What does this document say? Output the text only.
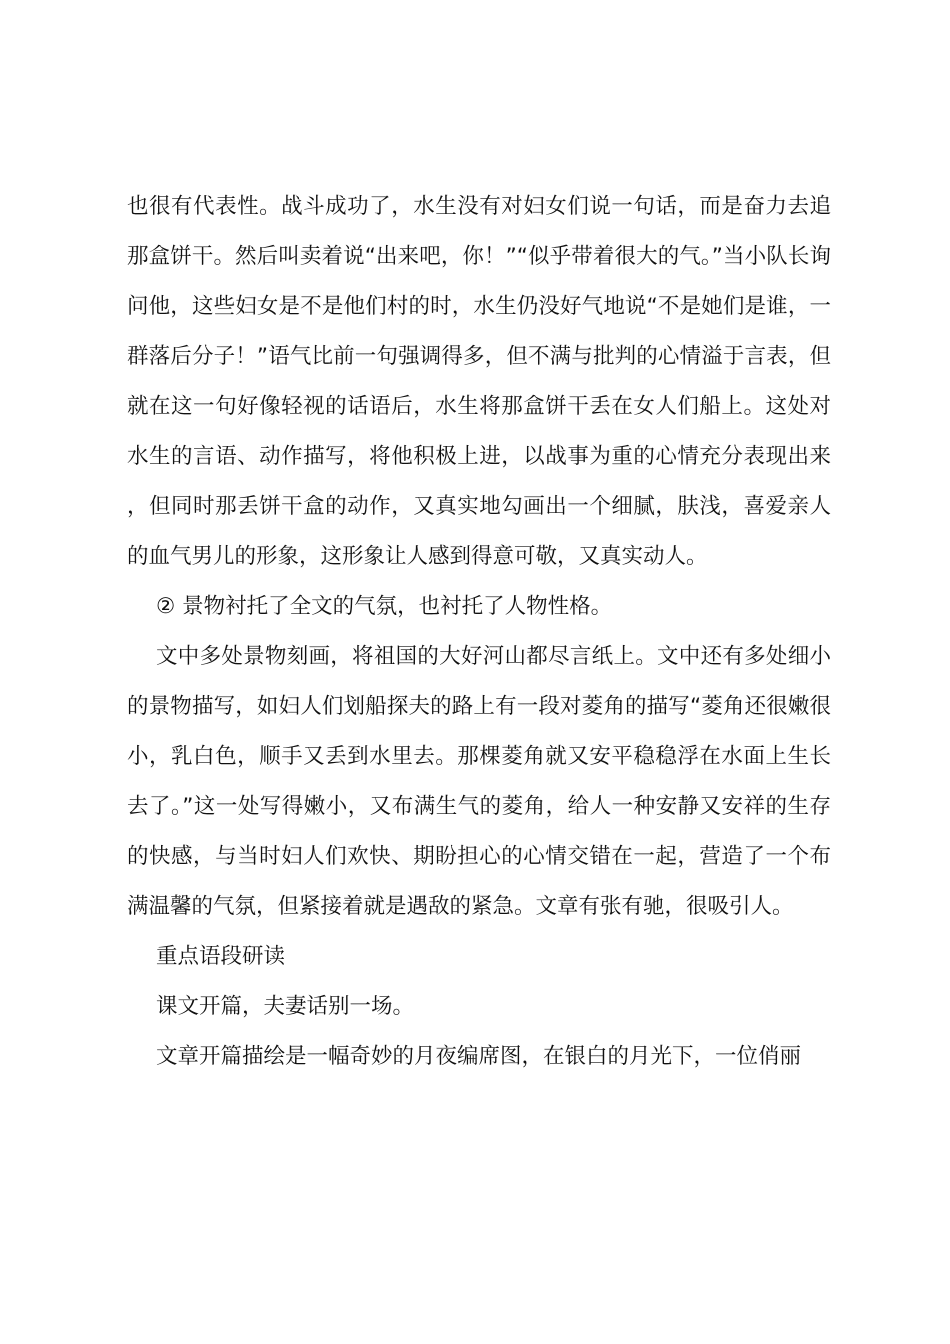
也很有代表性。战斗成功了，水生没有对妇女们说一句话，而是奋力去追那盒饼干。然后叫卖着说“出来吧，你！”“似乎带着很大的气。”当小队长询问他，这些妇女是不是他们村的时，水生仍没好气地说“不是她们是谁，一群落后分子！”语气比前一句强调得多，但不满与批判的心情溢于言表，但就在这一句好像轻视的话语后，水生将那盒饼干丢在女人们船上。这处对水生的言语、动作描写，将他积极上进，以战事为重的心情充分表现出来，但同时那丢饼干盒的动作，又真实地勾画出一个细腻，肤浅，喜爱亲人的血气男儿的形象，这形象让人感到得意可敬，又真实动人。

② 景物衬托了全文的气氛，也衬托了人物性格。

文中多处景物刻画，将祖国的大好河山都尽言纸上。文中还有多处细小的景物描写，如妇人们划船探夫的路上有一段对菱角的描写“菱角还很嫩很小，乳白色，顺手又丢到水里去。那棵菱角就又安平稳稳浮在水面上生长去了。”这一处写得嫩小，又布满生气的菱角，给人一种安静又安祥的生存的快感，与当时妇人们欢快、期盼担心的心情交错在一起，营造了一个布满温馨的气氛，但紧接着就是遇敌的紧急。文章有张有驰，很吸引人。

重点语段研读

课文开篇，夫妻话别一场。

文章开篇描绘是一幅奇妙的月夜编席图，在银白的月光下，一位俏丽
